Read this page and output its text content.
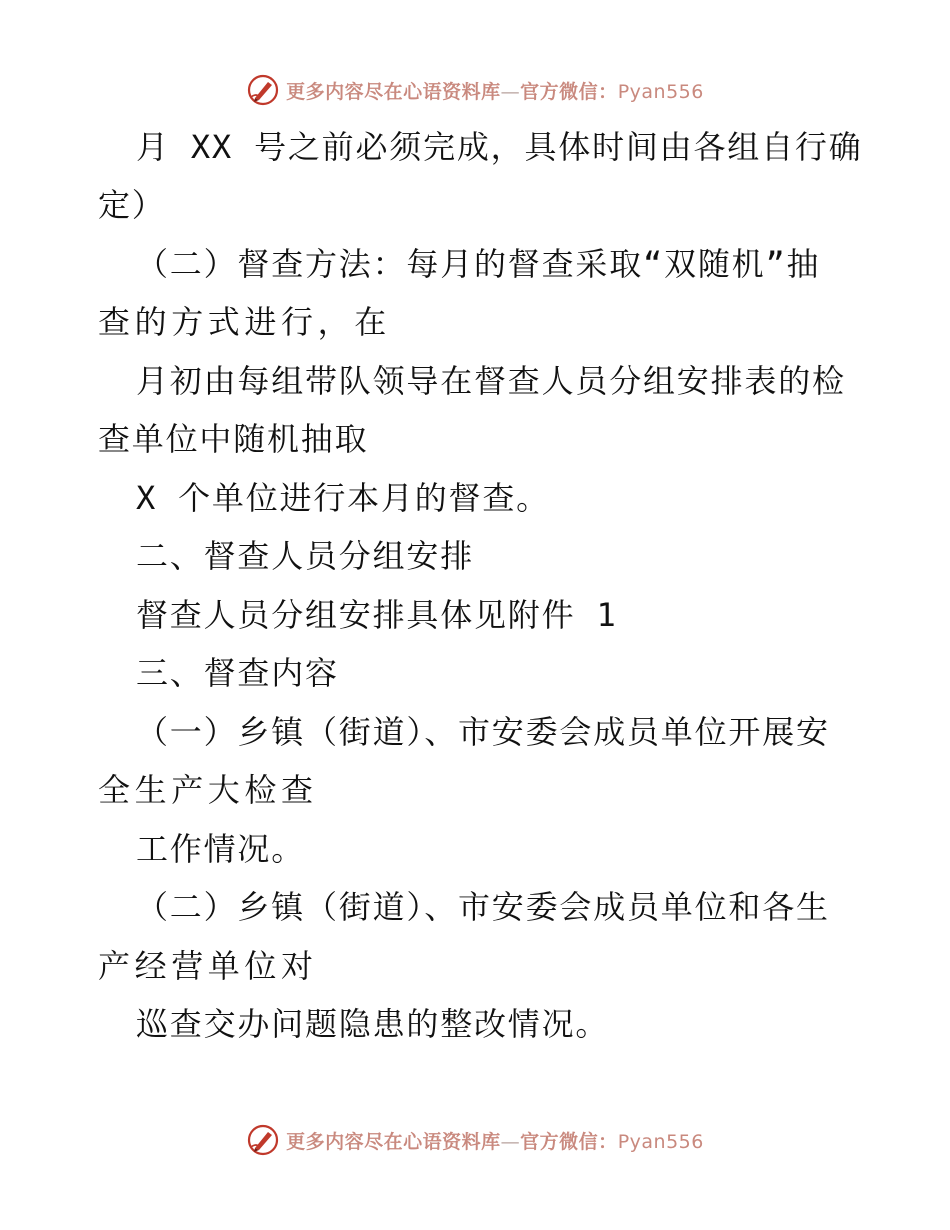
更多内容尽在心语资料库—官方微信：Pyan556
月 XX 号之前必须完成，具体时间由各组自行确
定）
（二）督查方法：每月的督查采取“双随机”抽
查的方式进行，在
月初由每组带队领导在督查人员分组安排表的检
查单位中随机抽取
X 个单位进行本月的督查。
二、督查人员分组安排
督查人员分组安排具体见附件 1
三、督查内容
（一）乡镇（街道）、市安委会成员单位开展安
全生产大检查
工作情况。
（二）乡镇（街道）、市安委会成员单位和各生
产经营单位对
巡查交办问题隐患的整改情况。
更多内容尽在心语资料库—官方微信：Pyan556
